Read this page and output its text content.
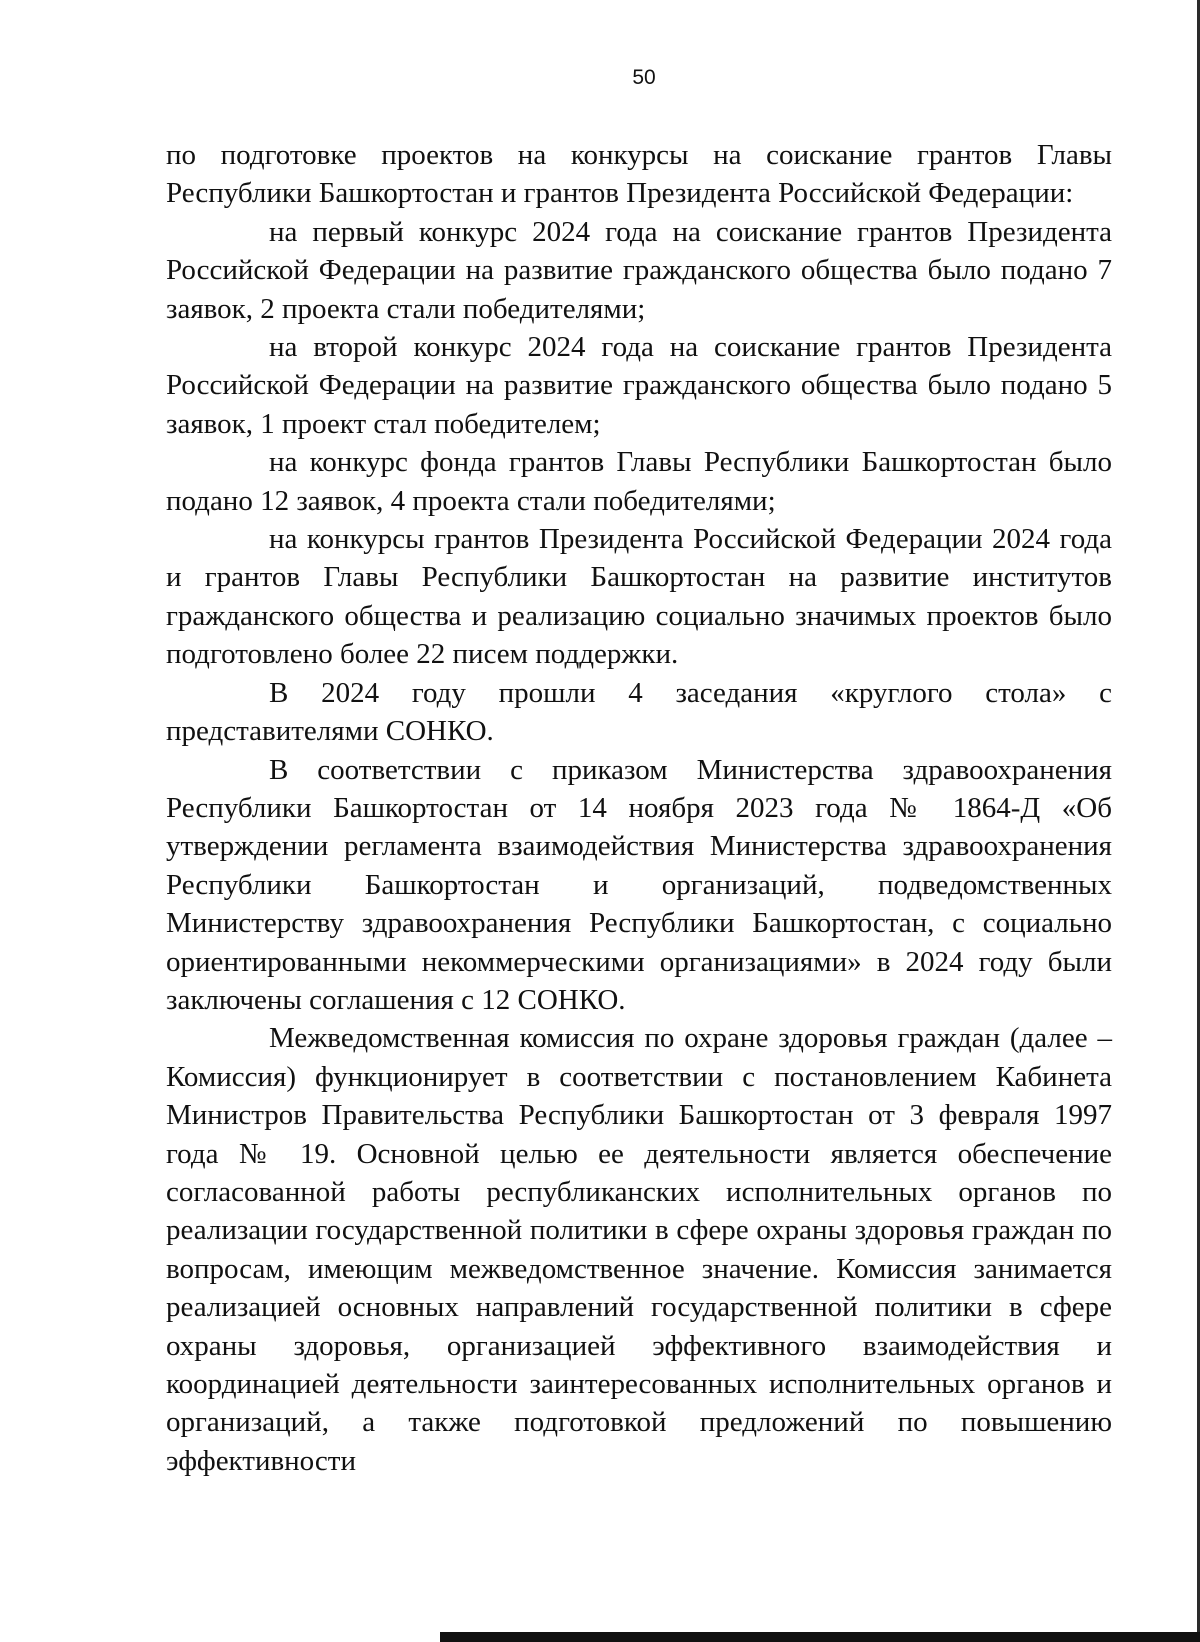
50

по подготовке проектов на конкурсы на соискание грантов Главы Республики Башкортостан и грантов Президента Российской Федерации:

на первый конкурс 2024 года на соискание грантов Президента Российской Федерации на развитие гражданского общества было подано 7 заявок, 2 проекта стали победителями;

на второй конкурс 2024 года на соискание грантов Президента Российской Федерации на развитие гражданского общества было подано 5 заявок, 1 проект стал победителем;

на конкурс фонда грантов Главы Республики Башкортостан было подано 12 заявок, 4 проекта стали победителями;

на конкурсы грантов Президента Российской Федерации 2024 года и грантов Главы Республики Башкортостан на развитие институтов гражданского общества и реализацию социально значимых проектов было подготовлено более 22 писем поддержки.

В 2024 году прошли 4 заседания «круглого стола» с представителями СОНКО.

В соответствии с приказом Министерства здравоохранения Республики Башкортостан от 14 ноября 2023 года № 1864-Д «Об утверждении регламента взаимодействия Министерства здравоохранения Республики Башкортостан и организаций, подведомственных Министерству здравоохранения Республики Башкортостан, с социально ориентированными некоммерческими организациями» в 2024 году были заключены соглашения с 12 СОНКО.

Межведомственная комиссия по охране здоровья граждан (далее – Комиссия) функционирует в соответствии с постановлением Кабинета Министров Правительства Республики Башкортостан от 3 февраля 1997 года № 19. Основной целью ее деятельности является обеспечение согласованной работы республиканских исполнительных органов по реализации государственной политики в сфере охраны здоровья граждан по вопросам, имеющим межведомственное значение. Комиссия занимается реализацией основных направлений государственной политики в сфере охраны здоровья, организацией эффективного взаимодействия и координацией деятельности заинтересованных исполнительных органов и организаций, а также подготовкой предложений по повышению эффективности
